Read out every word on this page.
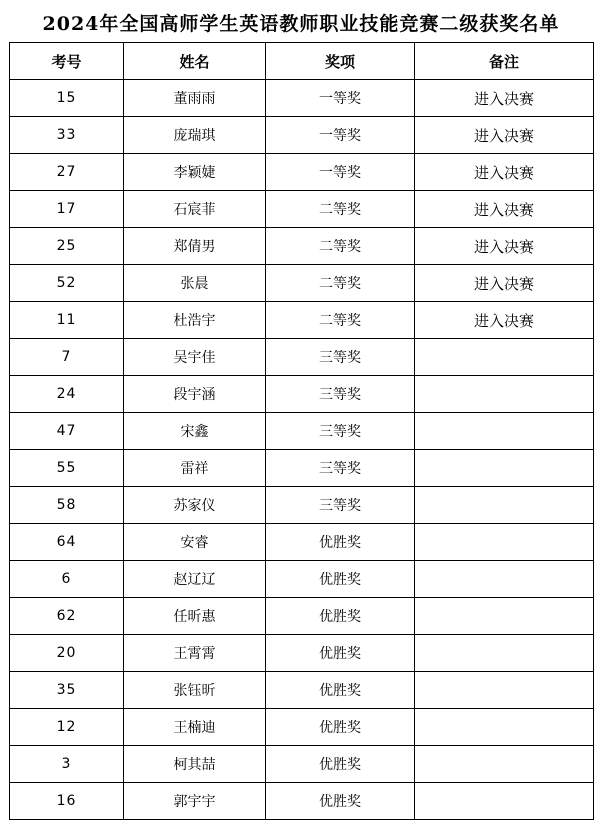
2024年全国高师学生英语教师职业技能竞赛二级获奖名单
考号	姓名	奖项	备注
15	董雨雨	一等奖	进入决赛
33	庞瑞琪	一等奖	进入决赛
27	李颖婕	一等奖	进入决赛
17	石宸菲	二等奖	进入决赛
25	郑倩男	二等奖	进入决赛
52	张晨	二等奖	进入决赛
11	杜浩宇	二等奖	进入决赛
7	吴宇佳	三等奖	
24	段宇涵	三等奖	
47	宋鑫	三等奖	
55	雷祥	三等奖	
58	苏家仪	三等奖	
64	安睿	优胜奖	
6	赵辽辽	优胜奖	
62	任昕惠	优胜奖	
20	王霄霄	优胜奖	
35	张钰昕	优胜奖	
12	王楠迪	优胜奖	
3	柯其喆	优胜奖	
16	郭宇宇	优胜奖	
